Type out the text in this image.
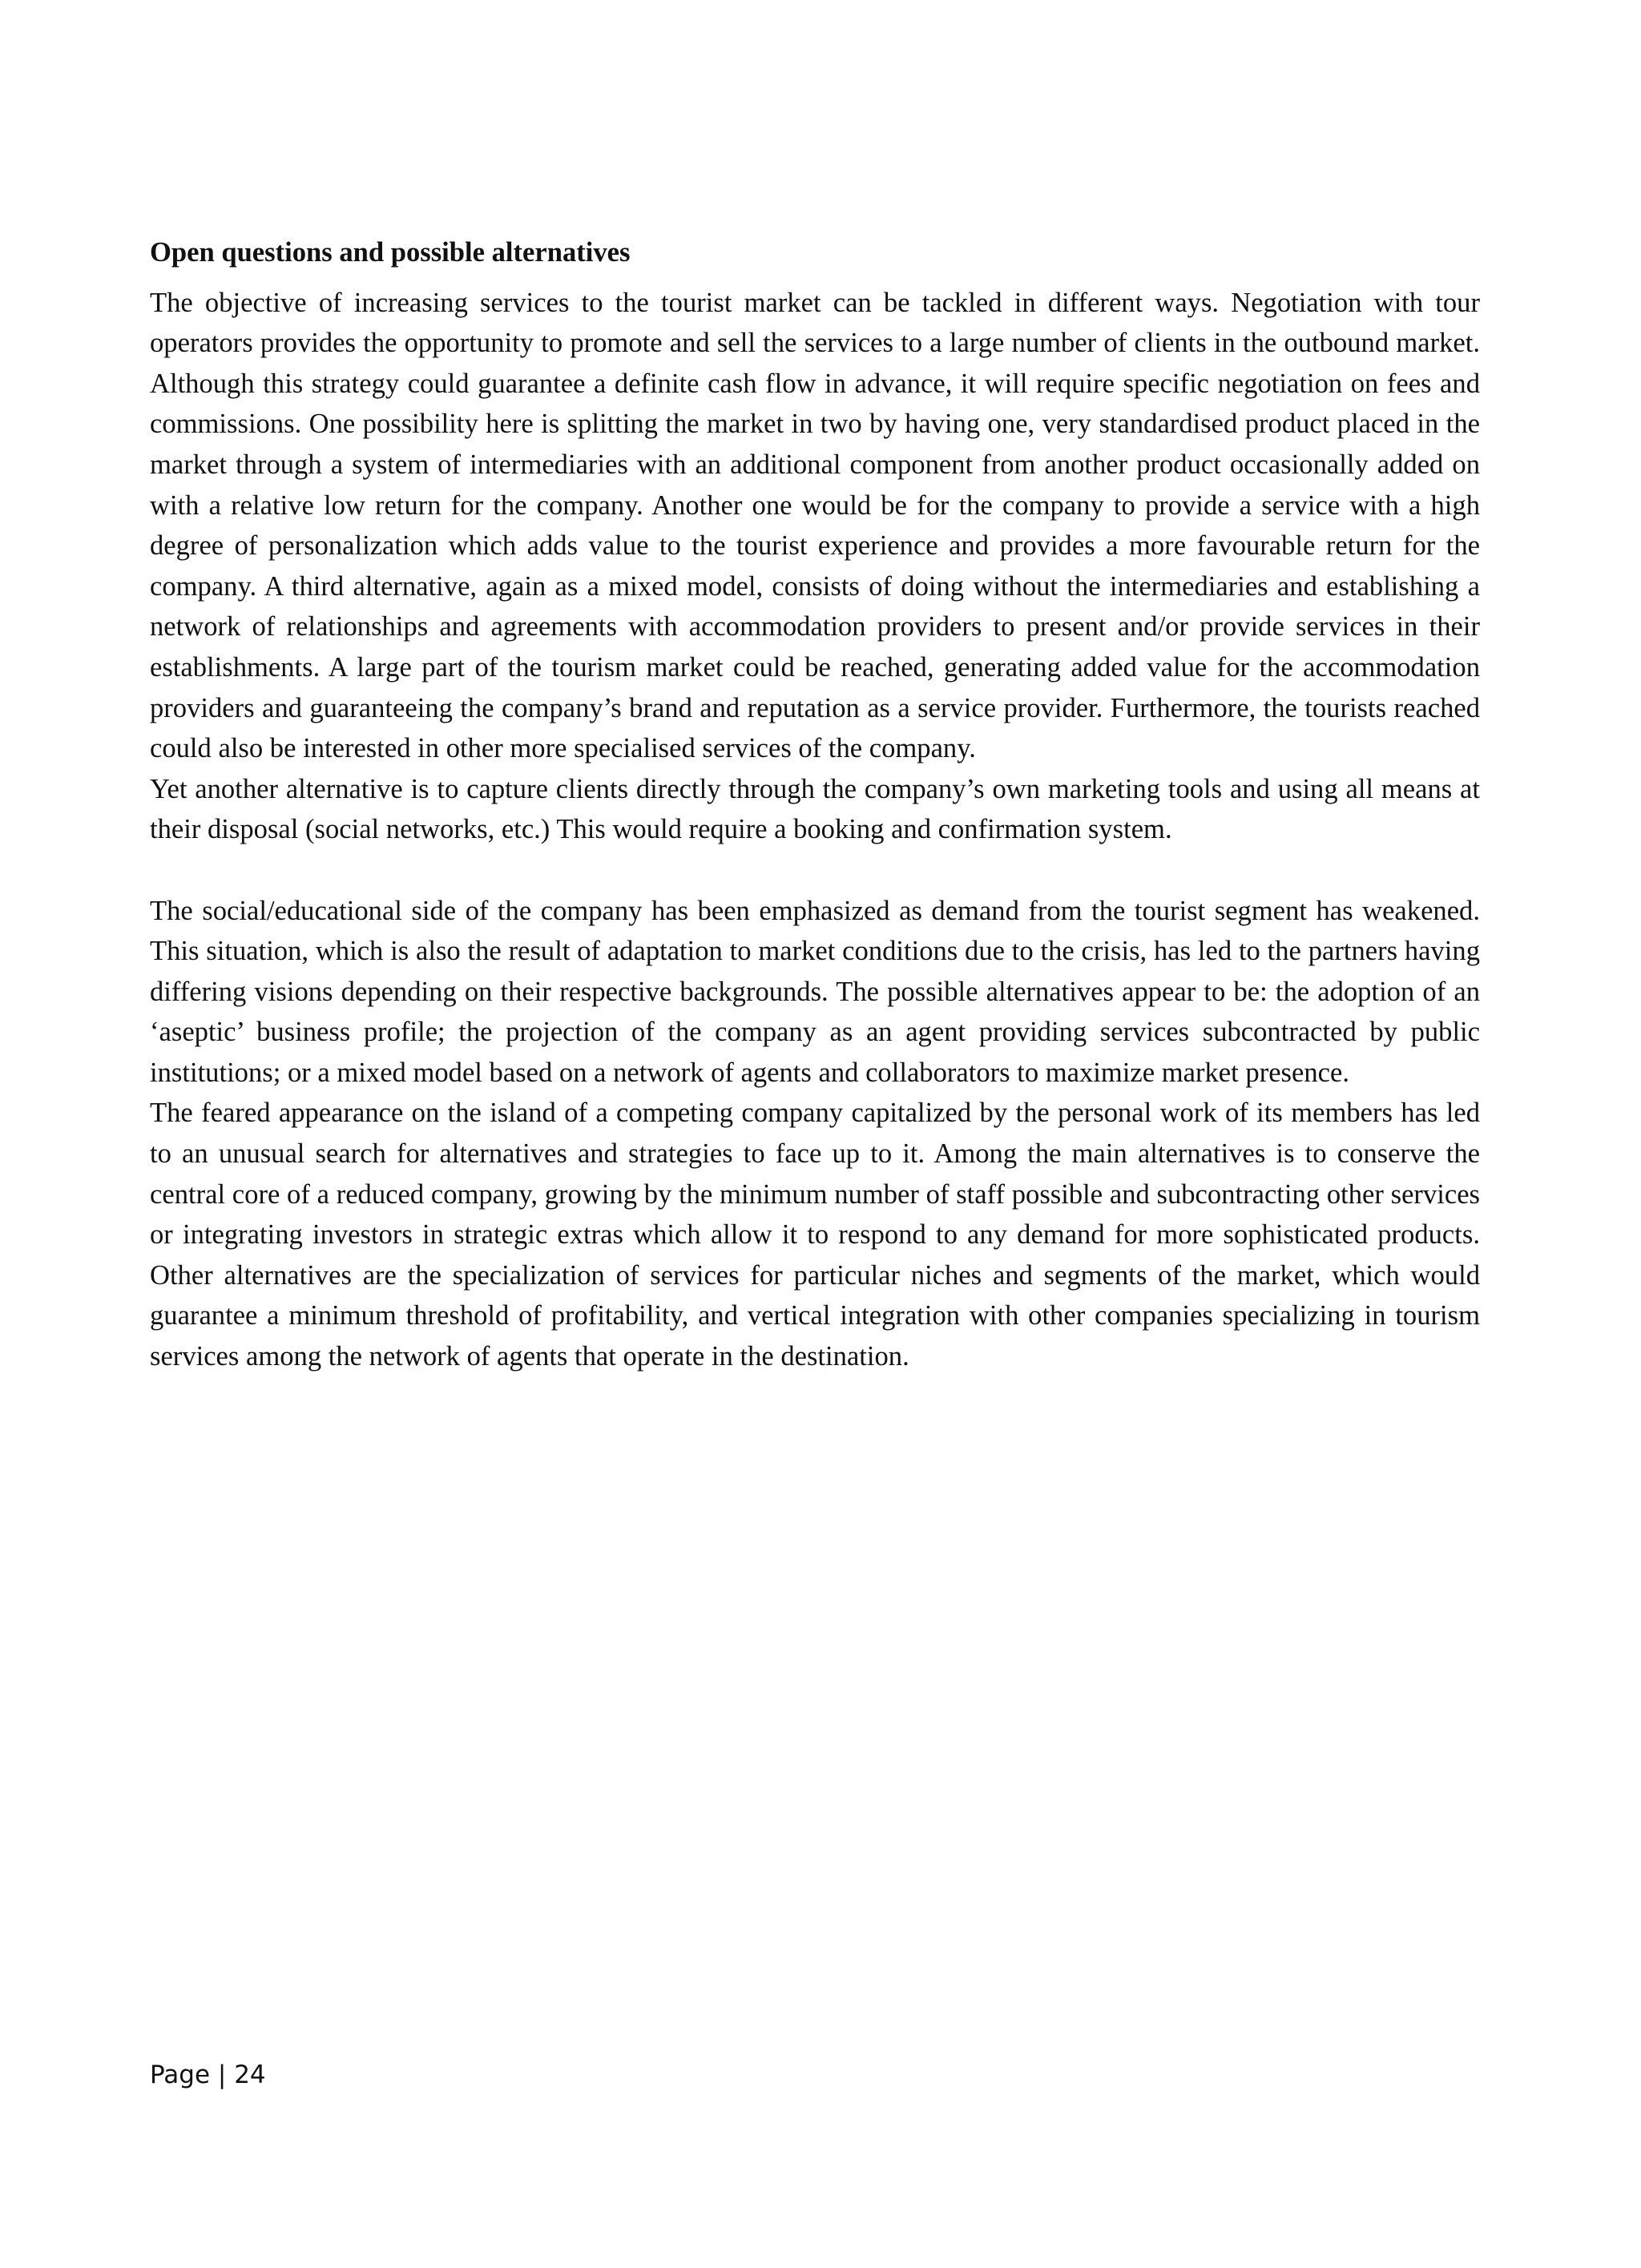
Open questions and possible alternatives

The objective of increasing services to the tourist market can be tackled in different ways. Negotiation with tour operators provides the opportunity to promote and sell the services to a large number of clients in the outbound market. Although this strategy could guarantee a definite cash flow in advance, it will require specific negotiation on fees and commissions. One possibility here is splitting the market in two by having one, very standardised product placed in the market through a system of intermediaries with an additional component from another product occasionally added on with a relative low return for the company. Another one would be for the company to provide a service with a high degree of personalization which adds value to the tourist experience and provides a more favourable return for the company. A third alternative, again as a mixed model, consists of doing without the intermediaries and establishing a network of relationships and agreements with accommodation providers to present and/or provide services in their establishments. A large part of the tourism market could be reached, generating added value for the accommodation providers and guaranteeing the company’s brand and reputation as a service provider. Furthermore, the tourists reached could also be interested in other more specialised services of the company.

Yet another alternative is to capture clients directly through the company’s own marketing tools and using all means at their disposal (social networks, etc.) This would require a booking and confirmation system.

The social/educational side of the company has been emphasized as demand from the tourist segment has weakened. This situation, which is also the result of adaptation to market conditions due to the crisis, has led to the partners having differing visions depending on their respective backgrounds. The possible alternatives appear to be: the adoption of an ‘aseptic’ business profile; the projection of the company as an agent providing services subcontracted by public institutions; or a mixed model based on a network of agents and collaborators to maximize market presence.

The feared appearance on the island of a competing company capitalized by the personal work of its members has led to an unusual search for alternatives and strategies to face up to it. Among the main alternatives is to conserve the central core of a reduced company, growing by the minimum number of staff possible and subcontracting other services or integrating investors in strategic extras which allow it to respond to any demand for more sophisticated products. Other alternatives are the specialization of services for particular niches and segments of the market, which would guarantee a minimum threshold of profitability, and vertical integration with other companies specializing in tourism services among the network of agents that operate in the destination.

Page | 24
